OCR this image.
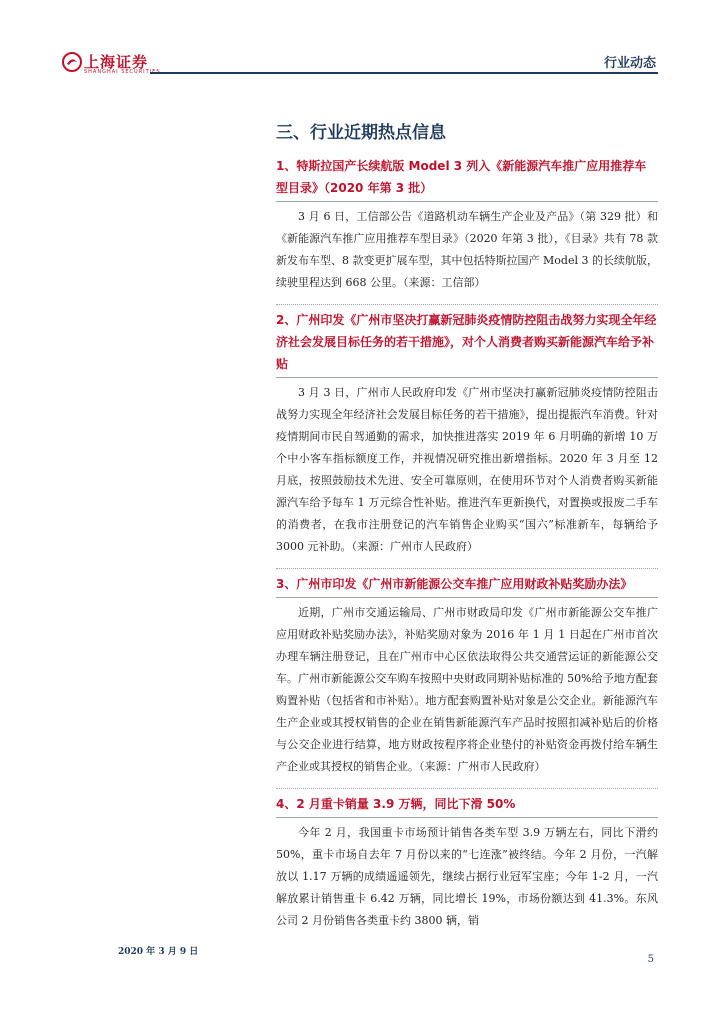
上海证券
SHANGHAI SECURITIES
行业动态
三、行业近期热点信息

1、特斯拉国产长续航版 Model 3 列入《新能源汽车推广应用推荐车型目录》（2020 年第 3 批）

3 月 6 日，工信部公告《道路机动车辆生产企业及产品》（第 329 批）和《新能源汽车推广应用推荐车型目录》（2020 年第 3 批），《目录》共有 78 款新发布车型、8 款变更扩展车型，其中包括特斯拉国产 Model 3 的长续航版，续驶里程达到 668 公里。（来源：工信部）

2、广州印发《广州市坚决打赢新冠肺炎疫情防控阻击战努力实现全年经济社会发展目标任务的若干措施》，对个人消费者购买新能源汽车给予补贴

3 月 3 日，广州市人民政府印发《广州市坚决打赢新冠肺炎疫情防控阻击战努力实现全年经济社会发展目标任务的若干措施》，提出提振汽车消费。针对疫情期间市民自驾通勤的需求，加快推进落实 2019 年 6 月明确的新增 10 万个中小客车指标额度工作，并视情况研究推出新增指标。2020 年 3 月至 12 月底，按照鼓励技术先进、安全可靠原则，在使用环节对个人消费者购买新能源汽车给予每车 1 万元综合性补贴。推进汽车更新换代，对置换或报废二手车的消费者，在我市注册登记的汽车销售企业购买“国六”标准新车，每辆给予 3000 元补助。（来源：广州市人民政府）

3、广州市印发《广州市新能源公交车推广应用财政补贴奖励办法》

近期，广州市交通运输局、广州市财政局印发《广州市新能源公交车推广应用财政补贴奖励办法》，补贴奖励对象为 2016 年 1 月 1 日起在广州市首次办理车辆注册登记，且在广州市中心区依法取得公共交通营运证的新能源公交车。广州市新能源公交车购车按照中央财政同期补贴标准的 50%给予地方配套购置补贴（包括省和市补贴）。地方配套购置补贴对象是公交企业。新能源汽车生产企业或其授权销售的企业在销售新能源汽车产品时按照扣减补贴后的价格与公交企业进行结算，地方财政按程序将企业垫付的补贴资金再拨付给车辆生产企业或其授权的销售企业。（来源：广州市人民政府）

4、2 月重卡销量 3.9 万辆，同比下滑 50%

今年 2 月，我国重卡市场预计销售各类车型 3.9 万辆左右，同比下滑约 50%，重卡市场自去年 7 月份以来的“七连涨”被终结。今年 2 月份，一汽解放以 1.17 万辆的成绩遥遥领先，继续占据行业冠军宝座；今年 1-2 月，一汽解放累计销售重卡 6.42 万辆，同比增长 19%，市场份额达到 41.3%。东风公司 2 月份销售各类重卡约 3800 辆，销

2020 年 3 月 9 日
5
